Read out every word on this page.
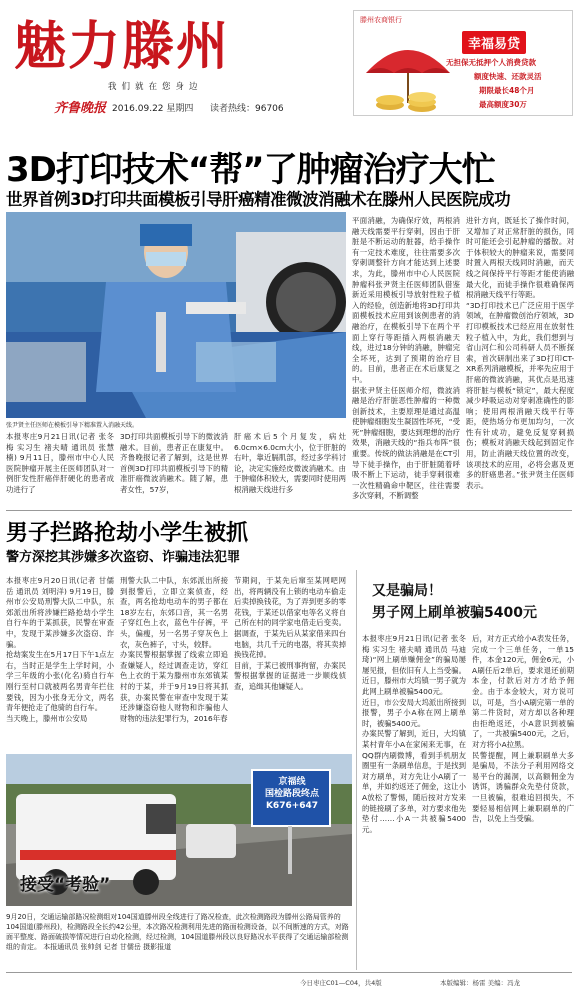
魅力滕州
我们就在您身边
齐鲁晚报 2016.09.22 星期四 读者热线：96706
滕州农商银行
幸福易贷
无担保无抵押个人消费贷款
额度快速、还款灵活
期限最长48个月
最高额度30万
3D打印技术“帮”了肿瘤治疗大忙
世界首例3D打印共面模板引导肝癌精准微波消融术在滕州人民医院成功
张尹贤主任医师在模板引导下精准置入消融天线。
本报枣庄9月21日讯(记者 张冬梅 实习生 褚夫晴 通讯员 张慧楠) 9月11日，滕州市中心人民医院肿瘤开展主任医师团队对一例肝发性肝癌伴肝硬化的患者成功进行了
3D打印共面模板引导下的微波消融术。目前，患者正在康复中。齐鲁晚报记者了解到，这是世界首例3D打印共面模板引导下的精准肝癌微波消融术。随了解，患者女性，57岁，
肝癌术后5个月复发，病灶6.0cm×6.0cm大小，位于肝脏的右叶，靠近膈肌部，经过多学科讨论，决定实施经皮微波消融术。由于肿瘤体积较大，需要同时使用两根消融天线进行多
平面消融，为确保疗效，两根消融天线需要平行穿刺，因由于肝脏是不断运动的脏器，给手操作有一定技术难度，往往需要多次穿刺调整针方向才能达到上述要求，为此，滕州市中心人民医院肿瘤科张尹贤主任医师团队借鉴新近采用模板引导放射性粒子植入的经验，创造新地将3D打印共面模板技术应用到该例患者的消融治疗，在模板引导下在两个平面上穿行等距插入两根消融天线，进过18分钟的消融，肿瘤完全坏死，达到了预期的治疗目的。目前，患者正在术后康复之中。
据张尹贤主任医师介绍，微波消融是治疗肝脏恶性肿瘤的一种微创新技术，主要原理是通过高温使肿瘤细胞发生凝固性坏死，“受死”肿瘤细胞，要达到理想的治疗效果，消融天线的“指兵布阵”很重要。传统的做法消融是在CT引导下徒手操作，由于肝脏随着呼吸不断上下运动，徒手穿刺很难一次性精确命中靶区，往往需要多次穿刺，不断调整
进针方向，既延长了操作时间，又增加了对正常肝脏的损伤，同时可能还会引起肿瘤的播散。对于体积较大的肿瘤来说，需要同时置入两根天线同时消融，而天线之间保持平行等距才能使消融最大化，而徒手操作很难确保两根消融天线平行等距。
“3D打印技术已广泛应用于医学领域，在肿瘤微创治疗领域，3D打印模板技术已经应用在放射性粒子植入中，为此，我们想到与省山河仁和公司科研人员不断探索，首次研制出来了3D打印CT-XR系列消融模板，并率先应用于肝癌的微波消融，其优点是迅速将肝脏与模板“锁定”，最大程度减少呼吸运动对穿刺准确性的影响；使用两根消融天线平行等距，使热场分布更加均匀，一次性有针成功，避免反复穿刺损伤；模板对消融天线起到固定作用，防止消融天线位置的改变，该项技术的应用，必将会惠及更多的肝癌患者。”张尹贤主任医师表示。
男子拦路抢劫小学生被抓
警方深挖其涉嫌多次盗窃、诈骗违法犯罪
本报枣庄9月20日讯(记者 甘儒岳 通讯员 刘明洋) 9月19日，滕州市公安局刑警大队二中队，东郊派出所将涉嫌拦路抢劫小学生自行车的于某抓获，民警在审查中，发现于某涉嫌多次盗窃、诈骗。
抢劫案发生在5月17日下午1点左右，当时正是学生上学时间，小学三年级的小张(化名)骑自行车刚行至村口就被两名男青年拦住要钱，因为小张身无分文，两名青年便抢走了他骑的自行车。
当天晚上，滕州市公安局
刑警大队二中队，东郊派出所接到报警后，立即立案侦查，经查，两名抢劫电动车的男子都在18岁左右，东郊口音，其一名男子穿红色上衣，蓝色牛仔裤，平头，偏瘦，另一名男子穿灰色上衣，灰色裤子，寸头，较胖。
办案民警根据掌握了线索立即追查嫌疑人，经过调查走访，穿红色上衣的于某为滕州市东郊镇某村的于某，并于9月19日将其抓获，办案民警在审查中发现于某还涉嫌盗窃他人财物和诈骗他人财物的违法犯罪行为，2016年春
节期间，于某先后窜至某网吧网出，将两辆没有上锁的电动车偷走后卖掉换钱花，为了弄到更多的零花钱，于某还以借家电等名义将自己所在村的同学家电借走后变卖。据调查，于某先后从某家借来四台电脑，共几千元的电器，将其卖掉换钱花掉。
目前，于某已被刑事拘留，办案民警根据掌握的证据进一步顺线侦查，追缉其他嫌疑人。
又是骗局！
男子网上刷单被骗5400元
本报枣庄9月21日讯(记者 张冬梅 实习生 褚夫晴 通讯员 马迪琦)“网上刷单赚佣金”的骗局屡屡见报，但依旧有人上当受骗。近日，滕州市大坞镇一男子就为此网上刷单被骗5400元。
近日，市公安局大坞派出所接到报警，男子小A称在网上刷单时，被骗5400元。
办案民警了解到，近日，大坞镇某村青年小A在家闲来无事，在QQ群内刷微博，看到手机朋友圈里有一条刷单信息，于是找到对方刷单，对方先让小A刷了一单，并如约返还了佣金，这让小A放松了警惕，随后按对方发来的链接刷了多单，对方要求他先垫付……小A一共被骗5400元。
后，对方正式给小A表发任务，完成一个三单任务，一单15件，本金120元，佣金6元，小A刷任后2单后，要求退还前期本金，付款后对方才给予佣金。由于本金较大，对方说可以，可是，当小A刷完第一单的第二件货时，对方却以各种理由拒绝返还，小A意识到被骗了，一共被骗5400元，之后，对方将小A拉黑。
民警提醒，网上兼职刷单大多是骗局，不法分子利用网络交易平台的漏洞，以高额佣金为诱饵，诱骗群众先垫付货款，一旦被骗，很难追回损失，不要轻易相信网上兼职刷单的广告，以免上当受骗。
京福线
国检路段终点
K676+647
接受“考验”
9月20日，交通运输部路况检测组对104国道滕州段全线进行了路况检查，此次检测路段为滕州公路局管养的104国道(滕州段)，检测路段全长约42公里，本次路况检测利用先进的路面检测设备，以不间断速的方式，对路面平整度、路面破损等情况进行自动化检测，经过检测，104国道滕州段以良好路况水平获得了交通运输部检测组的肯定。 本报通讯员 张帅剑 记者 甘儒岳 摄影报道
今日枣庄C01—C04，共4版	本版编辑：杨雷 美编：冯龙
